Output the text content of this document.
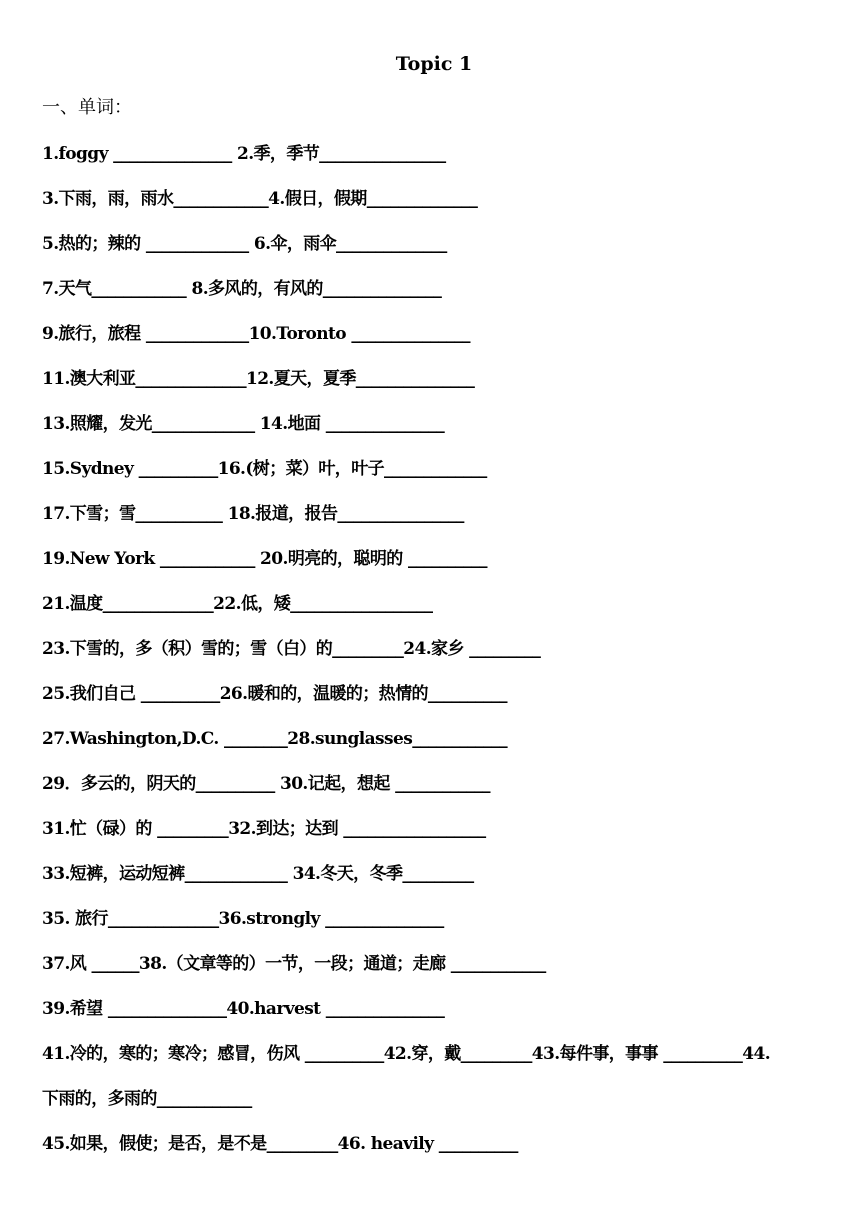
Topic 1
一、单词：
1.foggy _______________ 2.季，季节________________
3.下雨，雨，雨水____________4.假日，假期______________
5.热的；辣的 _____________ 6.伞，雨伞______________
7.天气____________ 8.多风的，有风的_______________
9.旅行，旅程 _____________10.Toronto _______________
11.澳大利亚______________12.夏天，夏季_______________
13.照耀，发光_____________ 14.地面 _______________
15.Sydney __________16.(树；菜）叶，叶子_____________
17.下雪；雪___________ 18.报道，报告________________
19.New York ____________ 20.明亮的，聪明的 __________
21.温度______________22.低，矮__________________
23.下雪的，多（积）雪的；雪（白）的_________24.家乡 _________
25.我们自己 __________26.暖和的，温暖的；热情的__________
27.Washington,D.C. ________28.sunglasses____________
29．多云的，阴天的__________ 30.记起，想起 ____________
31.忙（碌）的 _________32.到达；达到 __________________
33.短裤，运动短裤_____________ 34.冬天，冬季_________
35. 旅行______________36.strongly _______________
37.风 ______38.（文章等的）一节，一段；通道；走廊 ____________
39.希望 _______________40.harvest _______________
41.冷的，寒的；寒冷；感冒，伤风 __________42.穿，戴_________43.每件事，事事 __________44.
下雨的，多雨的____________
45.如果，假使；是否，是不是_________46. heavily __________
